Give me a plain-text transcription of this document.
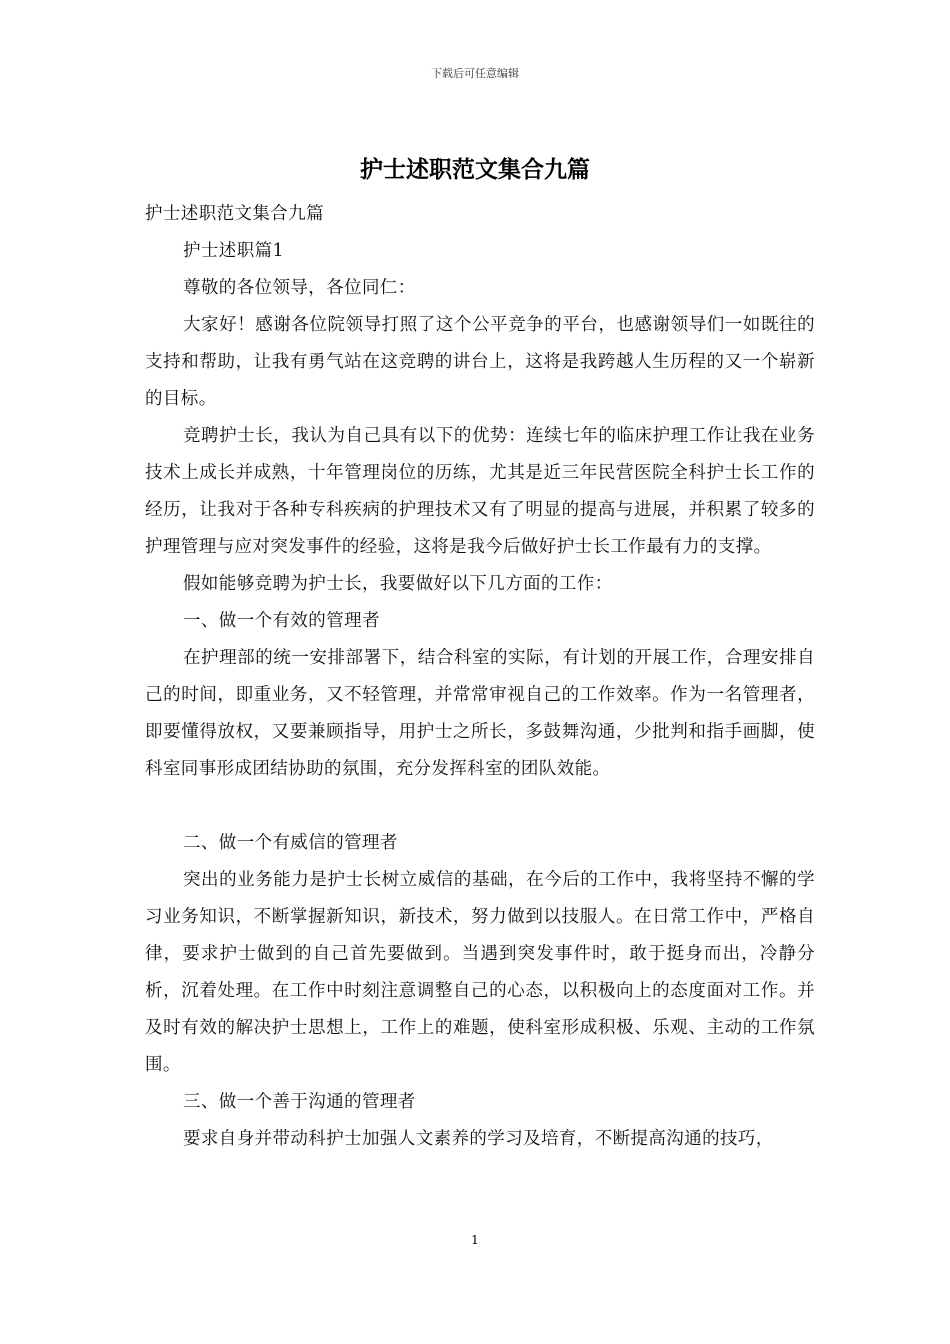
下载后可任意编辑
护士述职范文集合九篇

护士述职范文集合九篇

护士述职篇1

尊敬的各位领导，各位同仁：

大家好！感谢各位院领导打照了这个公平竞争的平台，也感谢领导们一如既往的支持和帮助，让我有勇气站在这竞聘的讲台上，这将是我跨越人生历程的又一个崭新的目标。

竞聘护士长，我认为自己具有以下的优势：连续七年的临床护理工作让我在业务技术上成长并成熟，十年管理岗位的历练，尤其是近三年民营医院全科护士长工作的经历，让我对于各种专科疾病的护理技术又有了明显的提高与进展，并积累了较多的护理管理与应对突发事件的经验，这将是我今后做好护士长工作最有力的支撑。

假如能够竞聘为护士长，我要做好以下几方面的工作：

一、做一个有效的管理者

在护理部的统一安排部署下，结合科室的实际，有计划的开展工作，合理安排自己的时间，即重业务，又不轻管理，并常常审视自己的工作效率。作为一名管理者，即要懂得放权，又要兼顾指导，用护士之所长，多鼓舞沟通，少批判和指手画脚，使科室同事形成团结协助的氛围，充分发挥科室的团队效能。

二、做一个有威信的管理者

突出的业务能力是护士长树立威信的基础，在今后的工作中，我将坚持不懈的学习业务知识，不断掌握新知识，新技术，努力做到以技服人。在日常工作中，严格自律，要求护士做到的自己首先要做到。当遇到突发事件时，敢于挺身而出，冷静分析，沉着处理。在工作中时刻注意调整自己的心态，以积极向上的态度面对工作。并及时有效的解决护士思想上，工作上的难题，使科室形成积极、乐观、主动的工作氛围。

三、做一个善于沟通的管理者

要求自身并带动科护士加强人文素养的学习及培育，不断提高沟通的技巧，

1
